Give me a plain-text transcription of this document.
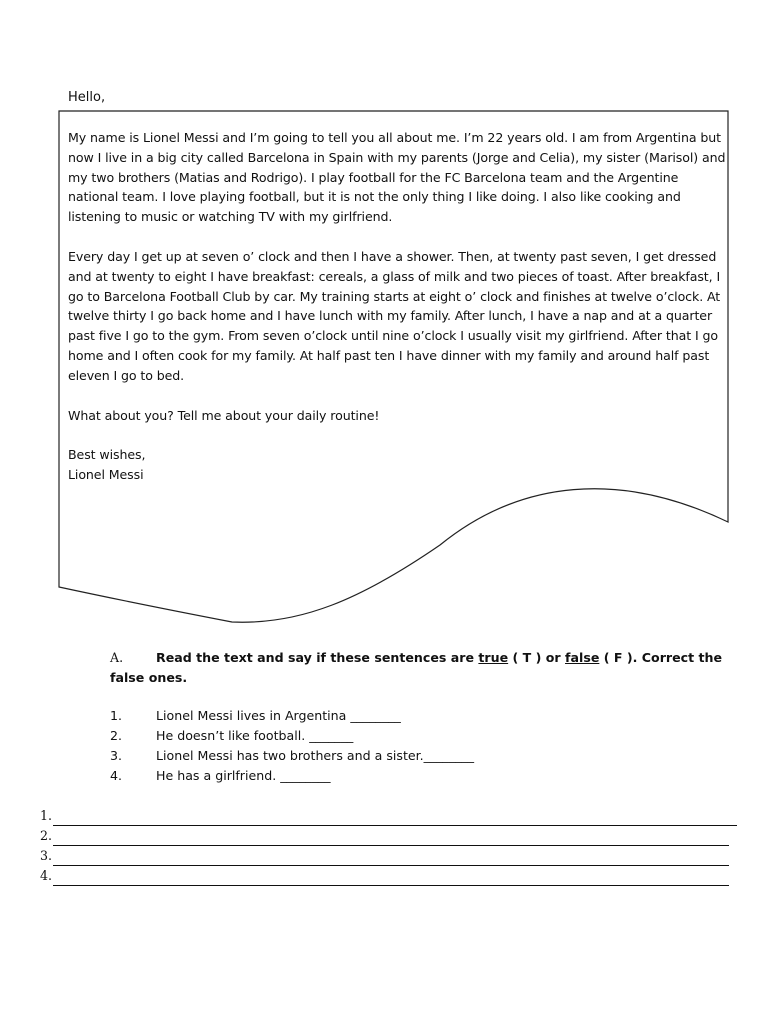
Hello,

My name is Lionel Messi and I’m going to tell you all about me. I’m 22 years old. I am from Argentina but now I live in a big city called Barcelona in Spain with my parents (Jorge and Celia), my sister (Marisol) and my two brothers (Matias and Rodrigo). I play football for the FC Barcelona team and the Argentine national team. I love playing football, but it is not the only thing I like doing. I also like cooking and listening to music or watching TV with my girlfriend.

Every day I get up at seven o’ clock and then I have a shower. Then, at twenty past seven, I get dressed and at twenty to eight I have breakfast: cereals, a glass of milk and two pieces of toast. After breakfast, I go to Barcelona Football Club by car. My training starts at eight o’ clock and finishes at twelve o’clock. At twelve thirty I go back home and I have lunch with my family. After lunch, I have a nap and at a quarter past five I go to the gym. From seven o’clock until nine o’clock I usually visit my girlfriend. After that I go home and I often cook for my family. At half past ten I have dinner with my family and around half past eleven I go to bed.

What about you? Tell me about your daily routine!

Best wishes,
Lionel Messi
A.	Read the text and say if these sentences are true ( T ) or false ( F ). Correct the false ones.
1.	Lionel Messi lives in Argentina ________
2.	He doesn’t like football. _______
3.	Lionel Messi has two brothers and a sister.________
4.	He has a girlfriend. ________
1.
2.
3.
4.
